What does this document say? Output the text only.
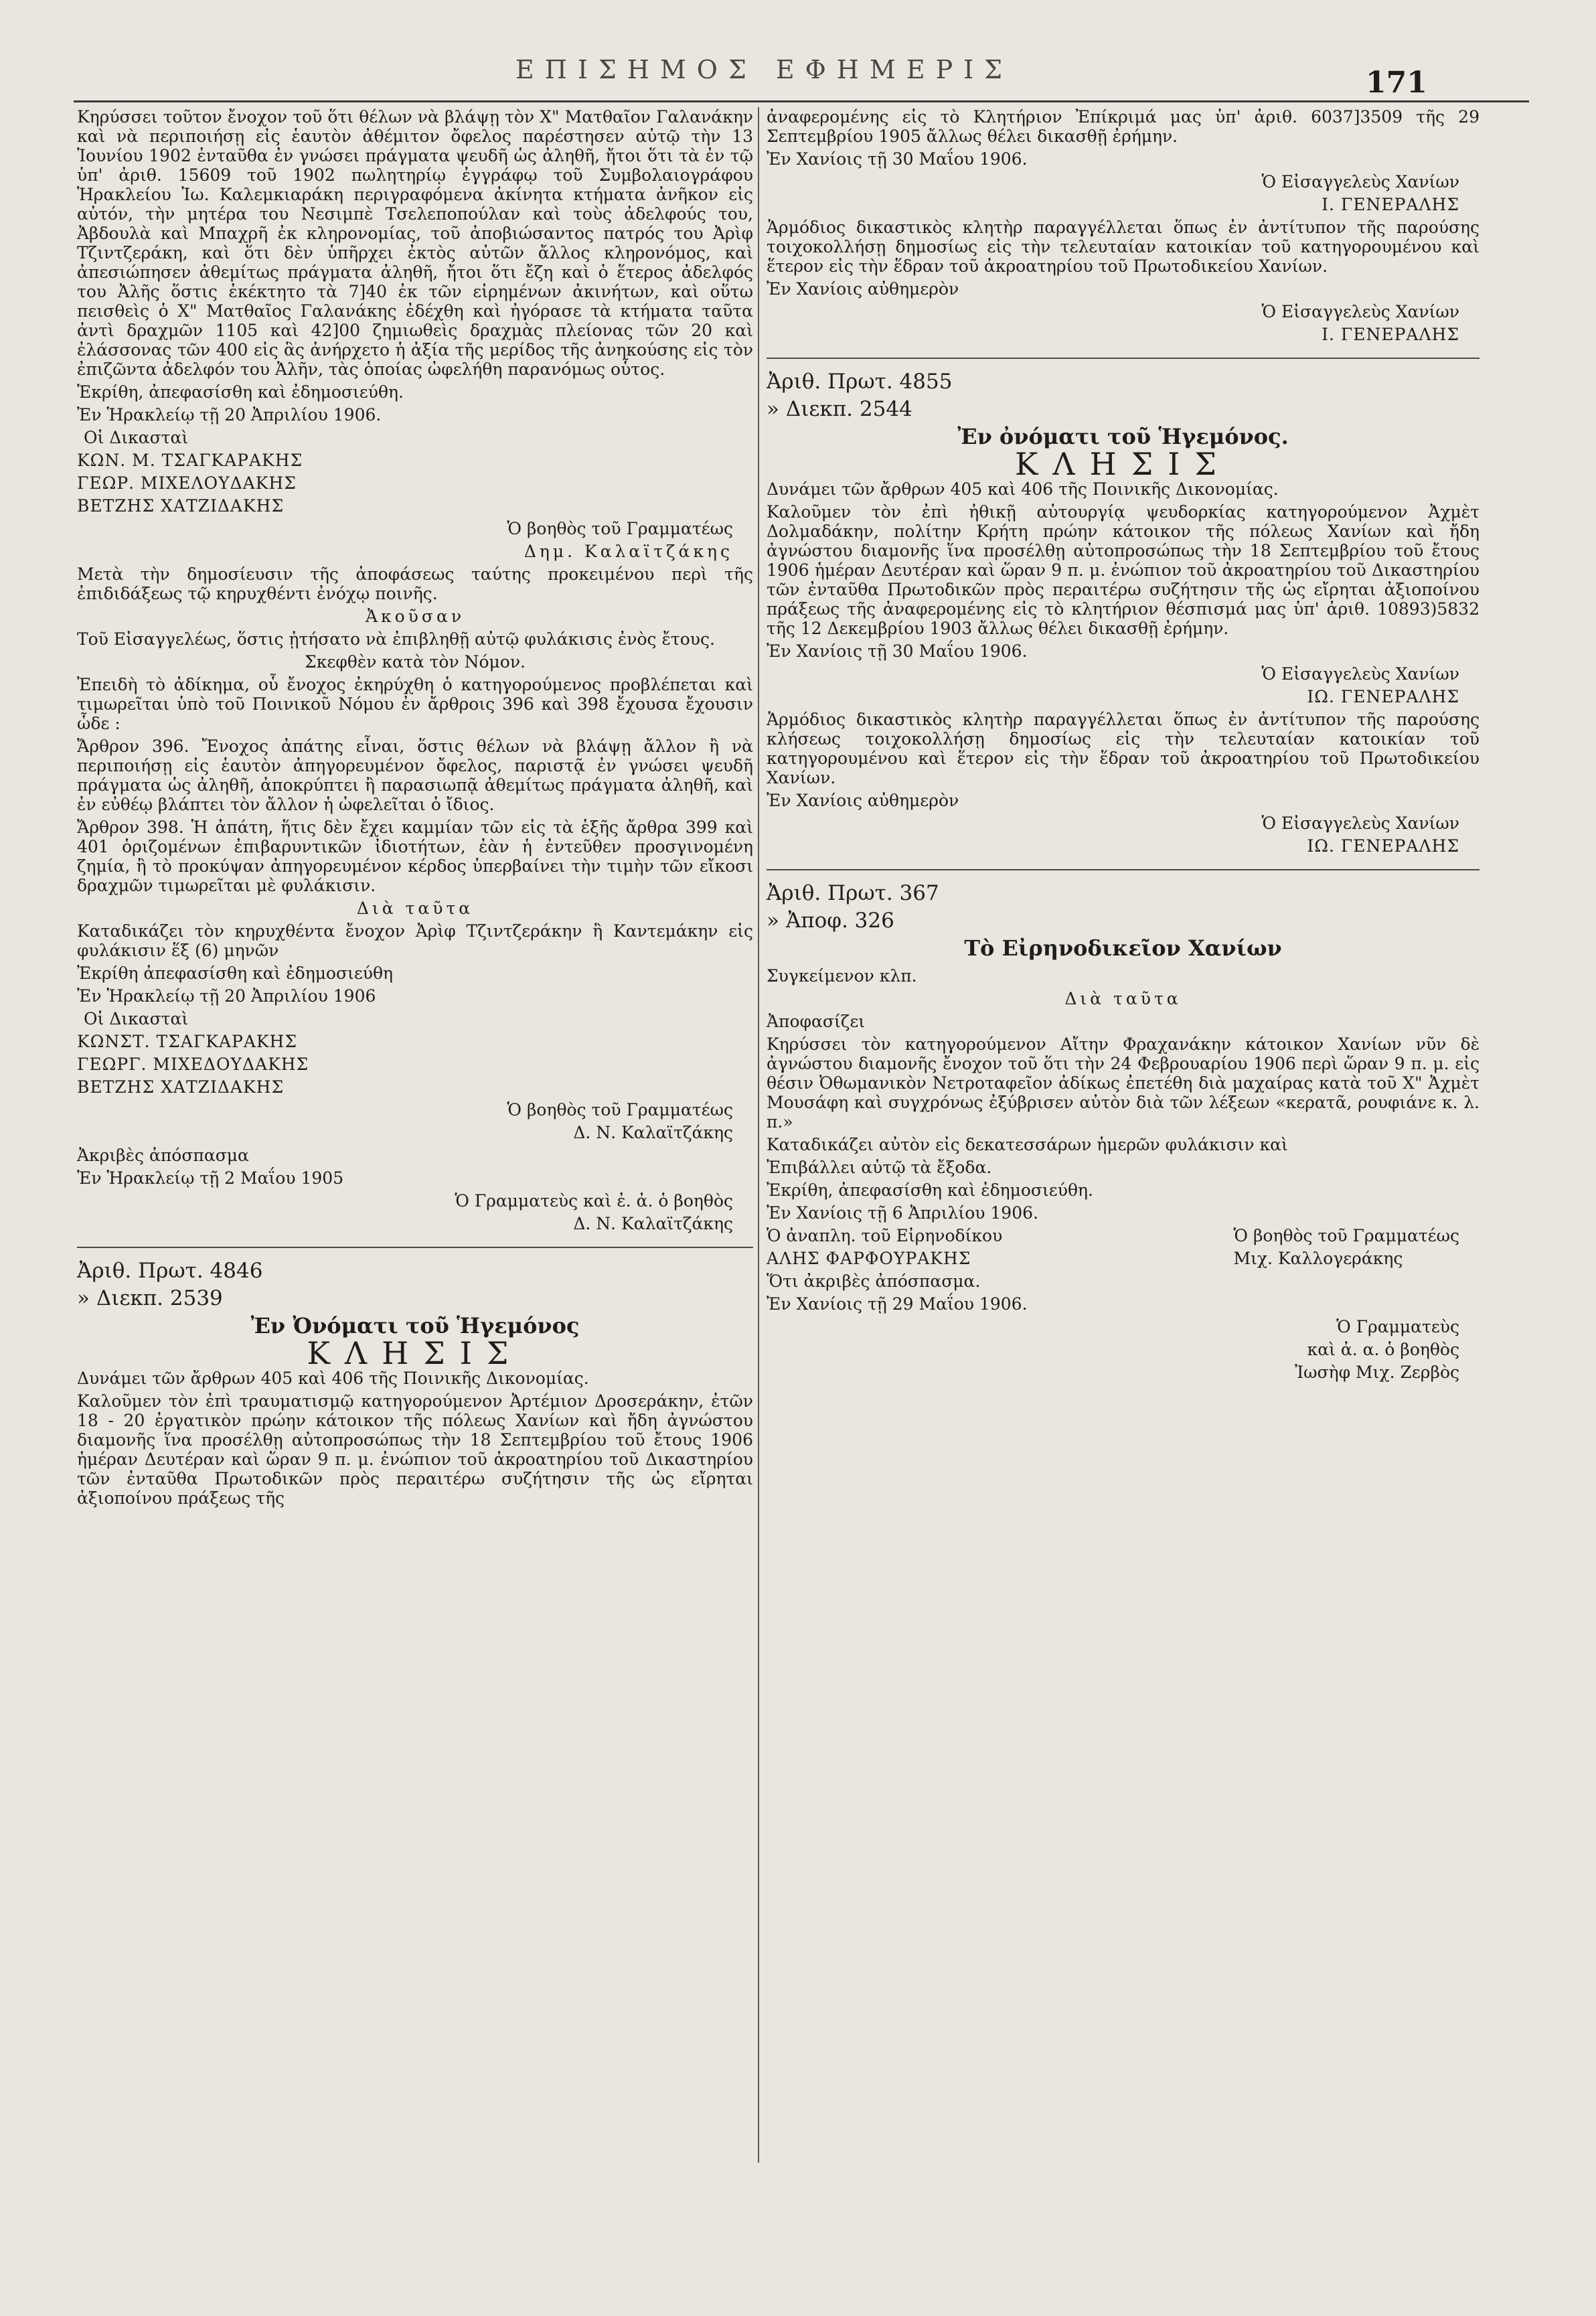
ΕΠΙΣΗΜΟΣ ΕΦΗΜΕΡΙΣ	171

Κηρύσσει τοῦτον ἔνοχον τοῦ ὅτι θέλων νὰ βλάψῃ τὸν Χ" Ματθαῖον Γαλανάκην καὶ νὰ περιποιήσῃ εἰς ἑαυτὸν ἀθέμιτον ὄφελος παρέστησεν αὐτῷ τὴν 13 Ἰουνίου 1902 ἐνταῦθα ἐν γνώσει πράγματα ψευδῆ ὡς ἀληθῆ, ἤτοι ὅτι τὰ ἐν τῷ ὑπ' ἀριθ. 15609 τοῦ 1902 πωλητηρίῳ ἐγγράφῳ τοῦ Συμβολαιογράφου Ἡρακλείου Ἰω. Καλεμκιαράκη περιγραφόμενα ἀκίνητα κτήματα ἀνῆκον εἰς αὐτόν, τὴν μητέρα του Νεσιμπὲ Τσελεποπούλαν καὶ τοὺς ἀδελφούς του, Ἀβδουλὰ καὶ Μπαχρῆ ἐκ κληρονομίας, τοῦ ἀποβιώσαντος πατρός του Ἀρὶφ Τζιντζεράκη, καὶ ὅτι δὲν ὑπῆρχει ἐκτὸς αὐτῶν ἄλλος κληρονόμος, καὶ ἀπεσιώπησεν ἀθεμίτως πράγματα ἀληθῆ, ἤτοι ὅτι ἔζη καὶ ὁ ἕτερος ἀδελφός του Ἀλῆς ὅστις ἐκέκτητο τὰ 7]40 ἐκ τῶν εἰρημένων ἀκινήτων, καὶ οὕτω πεισθεὶς ὁ Χ" Ματθαῖος Γαλανάκης ἐδέχθη καὶ ἠγόρασε τὰ κτήματα ταῦτα ἀντὶ δραχμῶν 1105 καὶ 42]00 ζημιωθεὶς δραχμὰς πλείονας τῶν 20 καὶ ἐλάσσονας τῶν 400 εἰς ἃς ἀνήρχετο ἡ ἀξία τῆς μερίδος τῆς ἀνηκούσης εἰς τὸν ἐπιζῶντα ἀδελφόν του Ἀλῆν, τὰς ὁποίας ὠφελήθη παρανόμως οὗτος.

Ἐκρίθη, ἀπεφασίσθη καὶ ἐδημοσιεύθη.

Ἐν Ἡρακλείῳ τῇ 20 Ἀπριλίου 1906.

Οἱ Δικασταὶ

ΚΩΝ. Μ. ΤΣΑΓΚΑΡΑΚΗΣ

ΓΕΩΡ. ΜΙΧΕΛΟΥΔΑΚΗΣ

ΒΕΤΖΗΣ ΧΑΤΖΙΔΑΚΗΣ

Ὁ βοηθὸς τοῦ Γραμματέως

Δημ. Καλαϊτζάκης

Μετὰ τὴν δημοσίευσιν τῆς ἀποφάσεως ταύτης προκειμένου περὶ τῆς ἐπιδιδάξεως τῷ κηρυχθέντι ἐνόχῳ ποινῆς.

Ἀκοῦσαν

Τοῦ Εἰσαγγελέως, ὅστις ᾐτήσατο νὰ ἐπιβληθῇ αὐτῷ φυλάκισις ἐνὸς ἔτους.

Σκεφθὲν κατὰ τὸν Νόμον.

Ἐπειδὴ τὸ ἀδίκημα, οὗ ἔνοχος ἐκηρύχθη ὁ κατηγορούμενος προβλέπεται καὶ τιμωρεῖται ὑπὸ τοῦ Ποινικοῦ Νόμου ἐν ἄρθροις 396 καὶ 398 ἔχουσα ἔχουσιν ὧδε :

Ἄρθρον 396. Ἔνοχος ἀπάτης εἶναι, ὅστις θέλων νὰ βλάψῃ ἄλλον ἢ νὰ περιποιήσῃ εἰς ἑαυτὸν ἀπηγορευμένον ὄφελος, παριστᾷ ἐν γνώσει ψευδῆ πράγματα ὡς ἀληθῆ, ἀποκρύπτει ἢ παρασιωπᾷ ἀθεμίτως πράγματα ἀληθῆ, καὶ ἐν εὐθέῳ βλάπτει τὸν ἄλλον ἡ ὠφελεῖται ὁ ἴδιος.

Ἄρθρον 398. Ἡ ἀπάτη, ἥτις δὲν ἔχει καμμίαν τῶν εἰς τὰ ἑξῆς ἄρθρα 399 καὶ 401 ὁριζομένων ἐπιβαρυντικῶν ἰδιοτήτων, ἐὰν ἡ ἐντεῦθεν προσγινομένη ζημία, ἢ τὸ προκύψαν ἀπηγορευμένον κέρδος ὑπερβαίνει τὴν τιμὴν τῶν εἴκοσι δραχμῶν τιμωρεῖται μὲ φυλάκισιν.

Διὰ ταῦτα

Καταδικάζει τὸν κηρυχθέντα ἔνοχον Ἀρὶφ Τζιντζεράκην ἢ Καντεμάκην εἰς φυλάκισιν ἕξ (6) μηνῶν

Ἐκρίθη ἀπεφασίσθη καὶ ἐδημοσιεύθη

Ἐν Ἡρακλείῳ τῇ 20 Ἀπριλίου 1906

Οἱ Δικασταὶ

ΚΩΝΣΤ. ΤΣΑΓΚΑΡΑΚΗΣ

ΓΕΩΡΓ. ΜΙΧΕΔΟΥΔΑΚΗΣ

ΒΕΤΖΗΣ ΧΑΤΖΙΔΑΚΗΣ

Ὁ βοηθὸς τοῦ Γραμματέως

Δ. Ν. Καλαϊτζάκης

Ἀκριβὲς ἀπόσπασμα

Ἐν Ἡρακλείῳ τῇ 2 Μαΐου 1905

Ὁ Γραμματεὺς καὶ ἐ. ἀ. ὁ βοηθὸς

Δ. Ν. Καλαϊτζάκης

Ἀριθ. Πρωτ. 4846

» Διεκπ. 2539

Ἐν Ὀνόματι τοῦ Ἡγεμόνος
ΚΛΗΣΙΣ

Δυνάμει τῶν ἄρθρων 405 καὶ 406 τῆς Ποινικῆς Δικονομίας.

Καλοῦμεν τὸν ἐπὶ τραυματισμῷ κατηγορούμενον Ἀρτέμιον Δροσεράκην, ἐτῶν 18 - 20 ἐργατικὸν πρώην κάτοικον τῆς πόλεως Χανίων καὶ ἤδη ἀγνώστου διαμονῆς ἵνα προσέλθῃ αὐτοπροσώπως τὴν 18 Σεπτεμβρίου τοῦ ἔτους 1906 ἡμέραν Δευτέραν καὶ ὥραν 9 π. μ. ἐνώπιον τοῦ ἀκροατηρίου τοῦ Δικαστηρίου τῶν ἐνταῦθα Πρωτοδικῶν πρὸς περαιτέρω συζήτησιν τῆς ὡς εἴρηται ἀξιοποίνου πράξεως τῆς

ἀναφερομένης εἰς τὸ Κλητήριον Ἐπίκριμά μας ὑπ' ἀριθ. 6037]3509 τῆς 29 Σεπτεμβρίου 1905 ἄλλως θέλει δικασθῇ ἐρήμην.

Ἐν Χανίοις τῇ 30 Μαΐου 1906.

Ὁ Εἰσαγγελεὺς Χανίων

Ι. ΓΕΝΕΡΑΛΗΣ

Ἁρμόδιος δικαστικὸς κλητὴρ παραγγέλλεται ὅπως ἐν ἀντίτυπον τῆς παρούσης τοιχοκολλήσῃ δημοσίως εἰς τὴν τελευταίαν κατοικίαν τοῦ κατηγορουμένου καὶ ἕτερον εἰς τὴν ἕδραν τοῦ ἀκροατηρίου τοῦ Πρωτοδικείου Χανίων.

Ἐν Χανίοις αὐθημερὸν

Ὁ Εἰσαγγελεὺς Χανίων

Ι. ΓΕΝΕΡΑΛΗΣ

Ἀριθ. Πρωτ. 4855

» Διεκπ. 2544

Ἐν ὀνόματι τοῦ Ἡγεμόνος.
ΚΛΗΣΙΣ

Δυνάμει τῶν ἄρθρων 405 καὶ 406 τῆς Ποινικῆς Δικονομίας.

Καλοῦμεν τὸν ἐπὶ ἠθικῇ αὐτουργίᾳ ψευδορκίας κατηγορούμενον Ἀχμὲτ Δολμαδάκην, πολίτην Κρήτη πρώην κάτοικον τῆς πόλεως Χανίων καὶ ἤδη ἀγνώστου διαμονῆς ἵνα προσέλθῃ αὐτοπροσώπως τὴν 18 Σεπτεμβρίου τοῦ ἔτους 1906 ἡμέραν Δευτέραν καὶ ὥραν 9 π. μ. ἐνώπιον τοῦ ἀκροατηρίου τοῦ Δικαστηρίου τῶν ἐνταῦθα Πρωτοδικῶν πρὸς περαιτέρω συζήτησιν τῆς ὡς εἴρηται ἀξιοποίνου πράξεως τῆς ἀναφερομένης εἰς τὸ κλητήριον θέσπισμά μας ὑπ' ἀριθ. 10893)5832 τῆς 12 Δεκεμβρίου 1903 ἄλλως θέλει δικασθῇ ἐρήμην.

Ἐν Χανίοις τῇ 30 Μαΐου 1906.

Ὁ Εἰσαγγελεὺς Χανίων

ΙΩ. ΓΕΝΕΡΑΛΗΣ

Ἁρμόδιος δικαστικὸς κλητὴρ παραγγέλλεται ὅπως ἐν ἀντίτυπον τῆς παρούσης κλήσεως τοιχοκολλήσῃ δημοσίως εἰς τὴν τελευταίαν κατοικίαν τοῦ κατηγορουμένου καὶ ἕτερον εἰς τὴν ἕδραν τοῦ ἀκροατηρίου τοῦ Πρωτοδικείου Χανίων.

Ἐν Χανίοις αὐθημερὸν

Ὁ Εἰσαγγελεὺς Χανίων

ΙΩ. ΓΕΝΕΡΑΛΗΣ

Ἀριθ. Πρωτ. 367

» Ἀποφ. 326

Τὸ Εἰρηνοδικεῖον Χανίων

Συγκείμενον κλπ.

Διὰ ταῦτα

Ἀποφασίζει

Κηρύσσει τὸν κατηγορούμενον Αἴτην Φραχανάκην κάτοικον Χανίων νῦν δὲ ἀγνώστου διαμονῆς ἔνοχον τοῦ ὅτι τὴν 24 Φεβρουαρίου 1906 περὶ ὥραν 9 π. μ. εἰς θέσιν Ὀθωμανικὸν Νετροταφεῖον ἀδίκως ἐπετέθη διὰ μαχαίρας κατὰ τοῦ Χ" Ἀχμὲτ Μουσάφη καὶ συγχρόνως ἐξύβρισεν αὐτὸν διὰ τῶν λέξεων «κερατᾶ, ρουφιάνε κ. λ. π.»

Καταδικάζει αὐτὸν εἰς δεκατεσσάρων ἡμερῶν φυλάκισιν καὶ

Ἐπιβάλλει αὐτῷ τὰ ἔξοδα.

Ἐκρίθη, ἀπεφασίσθη καὶ ἐδημοσιεύθη.

Ἐν Χανίοις τῇ 6 Ἀπριλίου 1906.

Ὁ ἀναπλη. τοῦ Εἰρηνοδίκου

ΑΛΗΣ ΦΑΡΦΟΥΡΑΚΗΣ

Ὁ βοηθὸς τοῦ Γραμματέως

Μιχ. Καλλογεράκης

Ὅτι ἀκριβὲς ἀπόσπασμα.

Ἐν Χανίοις τῇ 29 Μαΐου 1906.

Ὁ Γραμματεὺς

καὶ ἀ. α. ὁ βοηθὸς

Ἰωσὴφ Μιχ. Ζερβὸς
